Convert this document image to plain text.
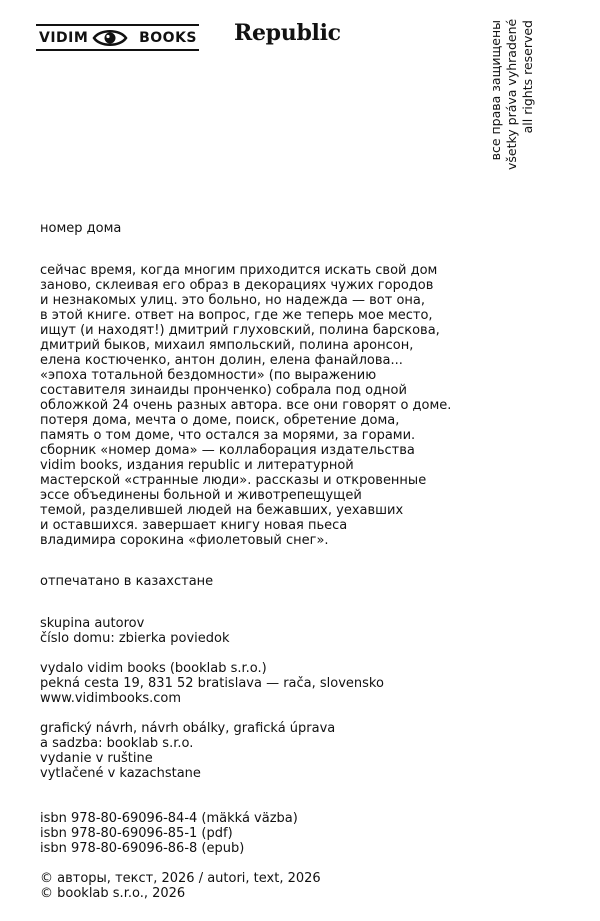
VIDIM	BOOKS Republic	все права защищены všetky práva vyhradené all rights reserved
номер дома
сейчас время, когда многим приходится искать свой дом
заново, склеивая его образ в декорациях чужих городов
и незнакомых улиц. это больно, но надежда — вот она,
в этой книге. ответ на вопрос, где же теперь мое место,
ищут (и находят!) дмитрий глуховский, полина барскова,
дмитрий быков, михаил ямпольский, полина аронсон,
елена костюченко, антон долин, елена фанайлова...
«эпоха тотальной бездомности» (по выражению
составителя зинаиды пронченко) собрала под одной
обложкой 24 очень разных автора. все они говорят о доме.
потеря дома, мечта о доме, поиск, обретение дома,
память о том доме, что остался за морями, за горами.
сборник «номер дома» — коллаборация издательства
vidim books, издания republic и литературной
мастерской «странные люди». рассказы и откровенные
эссе объединены больной и животрепещущей
темой, разделившей людей на бежавших, уехавших
и оставшихся. завершает книгу новая пьеса
владимира сорокина «фиолетовый снег».
отпечатано в казахстане
skupina autorov
číslo domu: zbierka poviedok
vydalo vidim books (booklab s.r.o.)
pekná cesta 19, 831 52 bratislava — rača, slovensko
www.vidimbooks.com
grafický návrh, návrh obálky, grafická úprava
a sadzba: booklab s.r.o.
vydanie v ruštine
vytlačené v kazachstane
isbn 978-80-69096-84-4 (mäkká väzba)
isbn 978-80-69096-85-1 (pdf)
isbn 978-80-69096-86-8 (epub)
© авторы, текст, 2026 / autori, text, 2026
© booklab s.r.o., 2026
